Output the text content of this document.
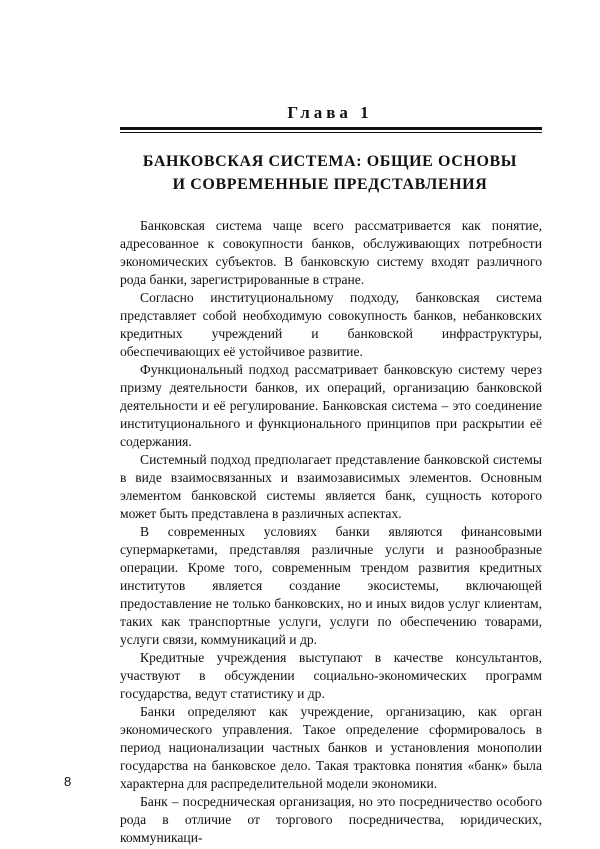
Глава 1
БАНКОВСКАЯ СИСТЕМА: ОБЩИЕ ОСНОВЫ
И СОВРЕМЕННЫЕ ПРЕДСТАВЛЕНИЯ

Банковская система чаще всего рассматривается как понятие, адресованное к совокупности банков, обслуживающих потребности экономических субъектов. В банковскую систему входят различного рода банки, зарегистрированные в стране.

Согласно институциональному подходу, банковская система представляет собой необходимую совокупность банков, небанковских кредитных учреждений и банковской инфраструктуры, обеспечивающих её устойчивое развитие.

Функциональный подход рассматривает банковскую систему через призму деятельности банков, их операций, организацию банковской деятельности и её регулирование. Банковская система – это соединение институционального и функционального принципов при раскрытии её содержания.

Системный подход предполагает представление банковской системы в виде взаимосвязанных и взаимозависимых элементов. Основным элементом банковской системы является банк, сущность которого может быть представлена в различных аспектах.

В современных условиях банки являются финансовыми супермаркетами, представляя различные услуги и разнообразные операции. Кроме того, современным трендом развития кредитных институтов является создание экосистемы, включающей предоставление не только банковских, но и иных видов услуг клиентам, таких как транспортные услуги, услуги по обеспечению товарами, услуги связи, коммуникаций и др.

Кредитные учреждения выступают в качестве консультантов, участвуют в обсуждении социально-экономических программ государства, ведут статистику и др.

Банки определяют как учреждение, организацию, как орган экономического управления. Такое определение сформировалось в период национализации частных банков и установления монополии государства на банковское дело. Такая трактовка понятия «банк» была характерна для распределительной модели экономики.

Банк – посредническая организация, но это посредничество особого рода в отличие от торгового посредничества, юридических, коммуникаци-

8
